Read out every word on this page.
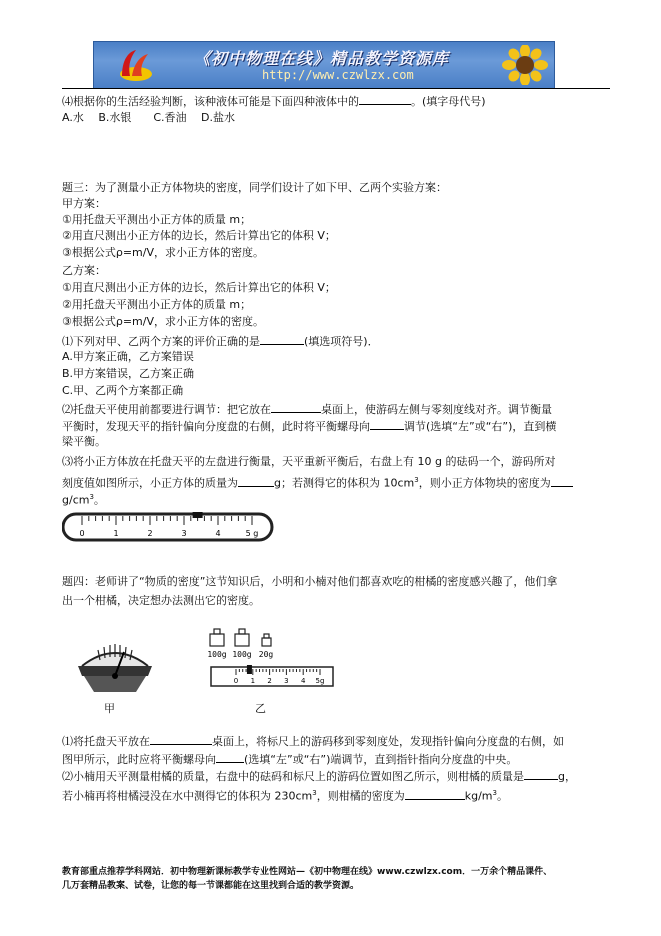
《初中物理在线》精品教学资源库
http://www.czwlzx.com
⑷根据你的生活经验判断，该种液体可能是下面四种液体中的	。(填字母代号)
A.水　 B.水银　　C.香油　 D.盐水
题三：为了测量小正方体物块的密度，同学们设计了如下甲、乙两个实验方案：
甲方案：
①用托盘天平测出小正方体的质量 m；
②用直尺测出小正方体的边长，然后计算出它的体积 V；
③根据公式ρ=m/V，求小正方体的密度。
乙方案：
①用直尺测出小正方体的边长，然后计算出它的体积 V；
②用托盘天平测出小正方体的质量 m；
③根据公式ρ=m/V，求小正方体的密度。
⑴下列对甲、乙两个方案的评价正确的是	(填选项符号)．
A.甲方案正确，乙方案错误
B.甲方案错误，乙方案正确
C.甲、乙两个方案都正确
⑵托盘天平使用前都要进行调节：把它放在	桌面上，使游码左侧与零刻度线对齐。调节衡量
平衡时，发现天平的指针偏向分度盘的右侧，此时将平衡螺母向	调节(选填“左”或“右”)，直到横
梁平衡。
⑶将小正方体放在托盘天平的左盘进行衡量，天平重新平衡后，右盘上有 10 g 的砝码一个，游码所对
刻度值如图所示，小正方体的质量为	g；若测得它的体积为 $10cm^3$，则小正方体物块的密度为
$g/cm^3$。
0	1	2	3	4	5 g
题四：老师讲了“物质的密度”这节知识后，小明和小楠对他们都喜欢吃的柑橘的密度感兴趣了，他们拿
出一个柑橘，决定想办法测出它的密度。
100g 100g 20g
0 1 2 3 4 5g
甲	乙
⑴将托盘天平放在	桌面上，将标尺上的游码移到零刻度处，发现指针偏向分度盘的右侧，如
图甲所示，此时应将平衡螺母向	(选填“左”或“右”)端调节，直到指针指向分度盘的中央。
⑵小楠用天平测量柑橘的质量，右盘中的砝码和标尺上的游码位置如图乙所示，则柑橘的质量是	g，
若小楠再将柑橘浸没在水中测得它的体积为 $230cm^3$，则柑橘的密度为	$kg/m^3$。
教育部重点推荐学科网站．初中物理新课标教学专业性网站—《初中物理在线》www.czwlzx.com．一万余个精品课件、
几万套精品教案、试卷，让您的每一节课都能在这里找到合适的教学资源。
